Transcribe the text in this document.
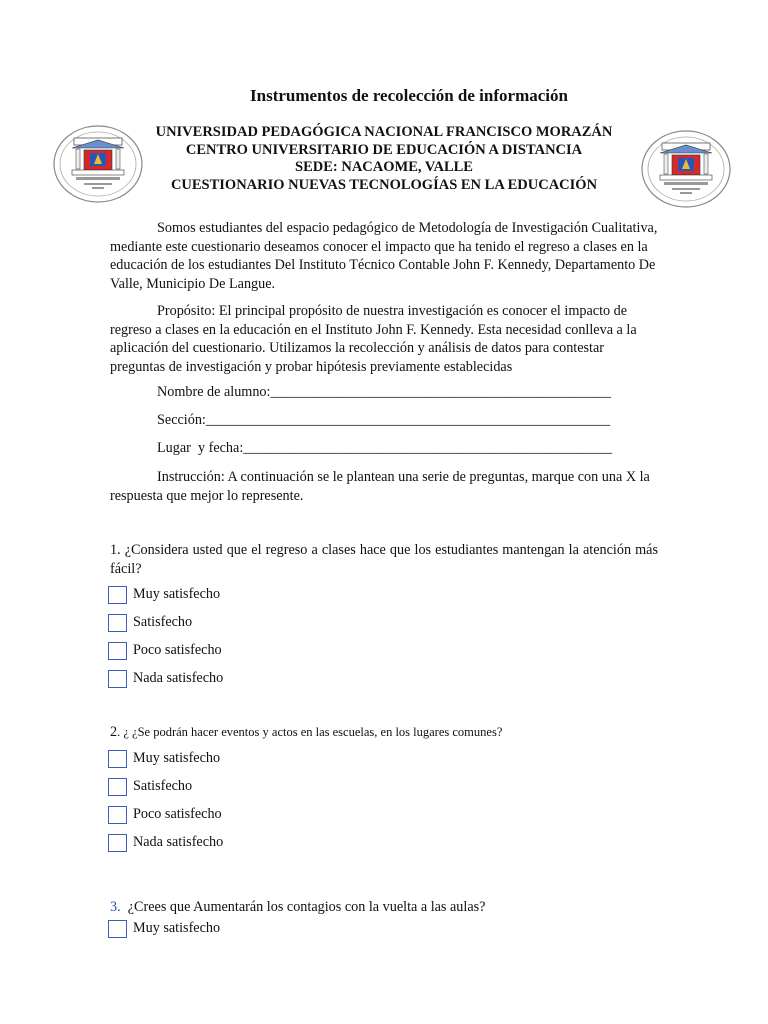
Instrumentos de recolección de información
UNIVERSIDAD PEDAGÓGICA NACIONAL FRANCISCO MORAZÁN
CENTRO UNIVERSITARIO DE EDUCACIÓN A DISTANCIA
SEDE: NACAOME, VALLE
CUESTIONARIO NUEVAS TECNOLOGÍAS EN LA EDUCACIÓN
Somos estudiantes del espacio pedagógico de Metodología de Investigación Cualitativa, mediante este cuestionario deseamos conocer el impacto que ha tenido el regreso a clases en la educación de los estudiantes Del Instituto Técnico Contable John F. Kennedy, Departamento De Valle, Municipio De Langue.
Propósito: El principal propósito de nuestra investigación es conocer el impacto de regreso a clases en la educación en el Instituto John F. Kennedy. Esta necesidad conlleva a la aplicación del cuestionario. Utilizamos la recolección y análisis de datos para contestar preguntas de investigación y probar hipótesis previamente establecidas
Nombre de alumno:________________________________________________
Sección:_________________________________________________________
Lugar  y fecha:____________________________________________________
Instrucción: A continuación se le plantean una serie de preguntas, marque con una X la respuesta que mejor lo represente.
1. ¿Considera usted que el regreso a clases hace que los estudiantes mantengan la atención más fácil?
Muy satisfecho
Satisfecho
Poco satisfecho
Nada satisfecho
2. ¿ ¿Se podrán hacer eventos y actos en las escuelas, en los lugares comunes?
Muy satisfecho
Satisfecho
Poco satisfecho
Nada satisfecho
3.  ¿Crees que Aumentarán los contagios con la vuelta a las aulas?
Muy satisfecho
